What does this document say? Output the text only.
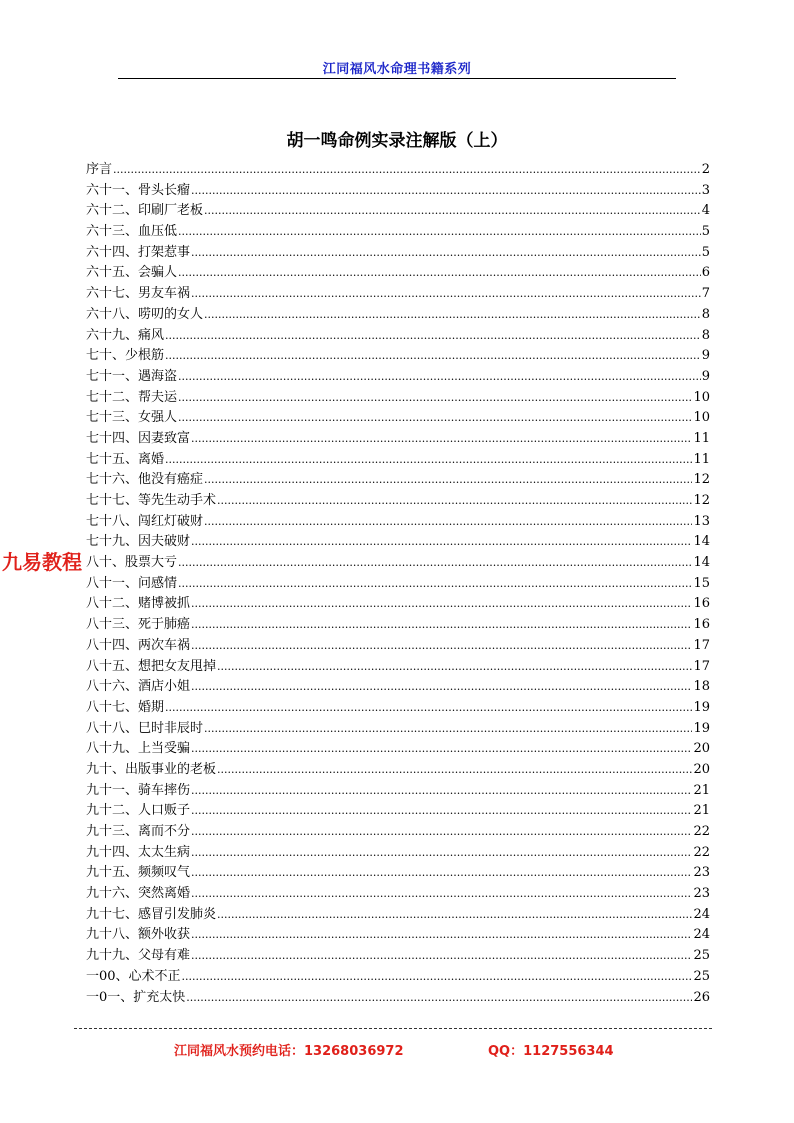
江同福风水命理书籍系列
胡一鸣命例实录注解版（上）
序言 .....	2
六十一、骨头长瘤 .....	3
六十二、印刷厂老板 .....	4
六十三、血压低 .....	5
六十四、打架惹事 .....	5
六十五、会骗人 .....	6
六十七、男友车祸 .....	7
六十八、唠叨的女人 .....	8
六十九、痛风 .....	8
七十、少根筋 .....	9
七十一、遇海盗 .....	9
七十二、帮夫运 .....	10
七十三、女强人 .....	10
七十四、因妻致富 .....	11
七十五、离婚 .....	11
七十六、他没有癌症 .....	12
七十七、等先生动手术 .....	12
七十八、闯红灯破财 .....	13
七十九、因夫破财 .....	14
八十、股票大亏 .....	14
八十一、问感情 .....	15
八十二、赌博被抓 .....	16
八十三、死于肺癌 .....	16
八十四、两次车祸 .....	17
八十五、想把女友甩掉 .....	17
八十六、酒店小姐 .....	18
八十七、婚期 .....	19
八十八、巳时非辰时 .....	19
八十九、上当受骗 .....	20
九十、出版事业的老板 .....	20
九十一、骑车摔伤 .....	21
九十二、人口贩子 .....	21
九十三、离而不分 .....	22
九十四、太太生病 .....	22
九十五、频频叹气 .....	23
九十六、突然离婚 .....	23
九十七、感冒引发肺炎 .....	24
九十八、额外收获 .....	24
九十九、父母有难 .....	25
一00、心术不正 .....	25
一0一、扩充太快 .....	26
九易教程
江同福风水预约电话：13268036972	QQ：1127556344
